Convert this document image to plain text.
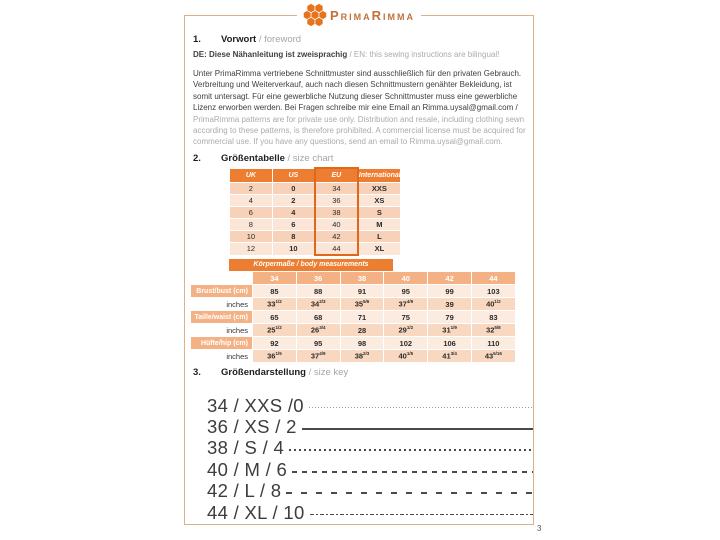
PrimaRimma
1. Vorwort / foreword

DE: Diese Nähanleitung ist zweisprachig / EN: this sewing instructions are bilingual!

Unter PrimaRimma vertriebene Schnittmuster sind ausschließlich für den privaten Gebrauch. Verbreitung und Weiterverkauf, auch nach diesen Schnittmustern genähter Bekleidung, ist somit untersagt. Für eine gewerbliche Nutzung dieser Schnittmuster muss eine gewerbliche Lizenz erworben werden. Bei Fragen schreibe mir eine Email an Rimma.uysal@gmail.com / PrimaRimma patterns are for private use only. Distribution and resale, including clothing sewn according to these patterns, is therefore prohibited. A commercial license must be acquired for commercial use. If you have any questions, send an email to Rimma.uysal@gmail.com.

2. Größentabelle / size chart
UK	US	EU	International
2	0	34	XXS
4	2	36	XS
6	4	38	S
8	6	40	M
10	8	42	L
12	10	44	XL
Körpermaße / body measurements
	34	36	38	40	42	44
Brust/bust (cm)	85	88	91	95	99	103
inches	$33^{1/2}$	$34^{2/3}$	$35^{5/6}$	$37^{4/9}$	39	$40^{1/2}$
Taille/waist (cm)	65	68	71	75	79	83
inches	$25^{1/2}$	$26^{3/4}$	28	$29^{1/2}$	$31^{1/9}$	$32^{5/8}$
Hüfte/hip (cm)	92	95	98	102	106	110
inches	$36^{1/5}$	$37^{4/9}$	$38^{2/3}$	$40^{1/5}$	$41^{3/4}$	$43^{5/16}$
3. Größendarstellung / size key
34 / XXS /0
36 / XS / 2
38 / S / 4
40 / M / 6
42 / L / 8
44 / XL / 10
3
